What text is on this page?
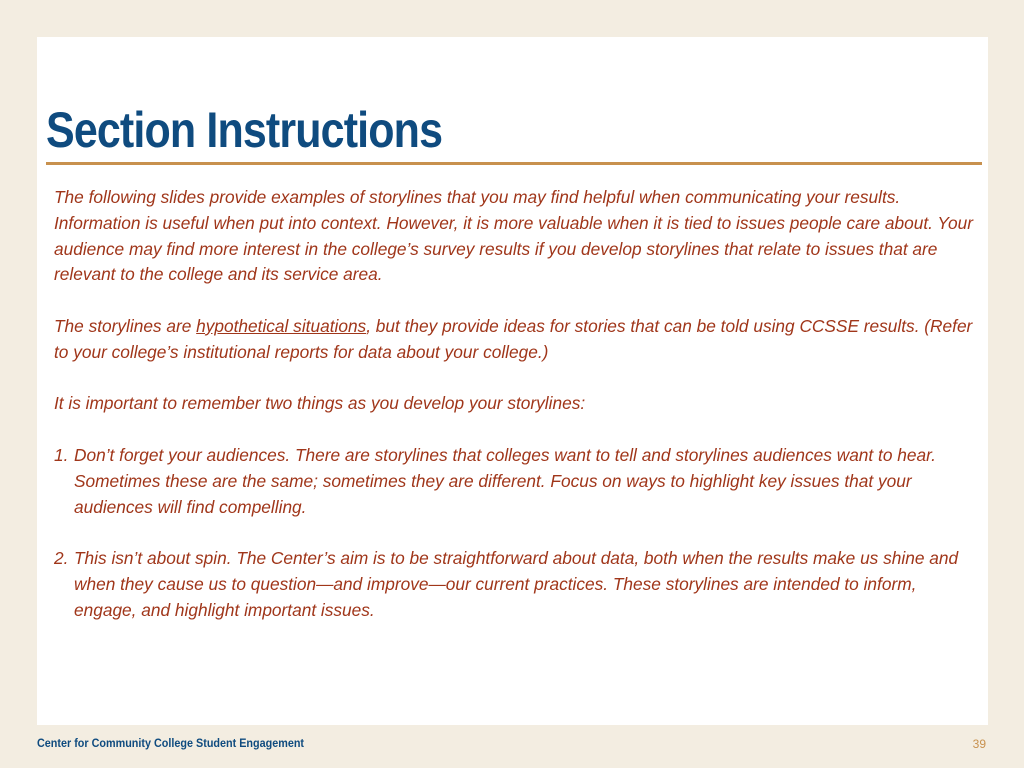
Section Instructions

The following slides provide examples of storylines that you may find helpful when communicating your results. Information is useful when put into context. However, it is more valuable when it is tied to issues people care about. Your audience may find more interest in the college’s survey results if you develop storylines that relate to issues that are relevant to the college and its service area.

The storylines are hypothetical situations, but they provide ideas for stories that can be told using CCSSE results. (Refer to your college’s institutional reports for data about your college.)

It is important to remember two things as you develop your storylines:

1. Don’t forget your audiences. There are storylines that colleges want to tell and storylines audiences want to hear. Sometimes these are the same; sometimes they are different. Focus on ways to highlight key issues that your audiences will find compelling.
2. This isn’t about spin. The Center’s aim is to be straightforward about data, both when the results make us shine and when they cause us to question—and improve—our current practices. These storylines are intended to inform, engage, and highlight important issues.
Center for Community College Student Engagement	39
